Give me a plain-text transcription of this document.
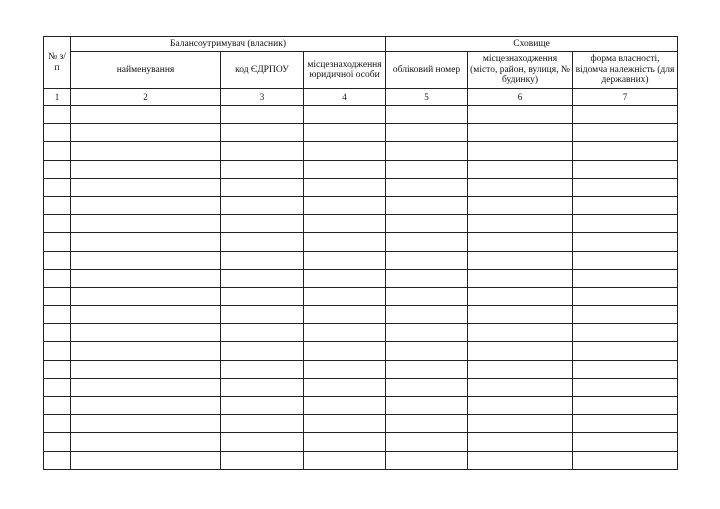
№ з/п	Балансоутримувач (власник)			Сховище		
	найменування	код ЄДРПОУ	місцезнаходження юридичної особи	обліковий номер	місцезнаходження (місто, район, вулиця, № будинку)	форма власності, відомча належність (для державних)
1	2	3	4	5	6	7
